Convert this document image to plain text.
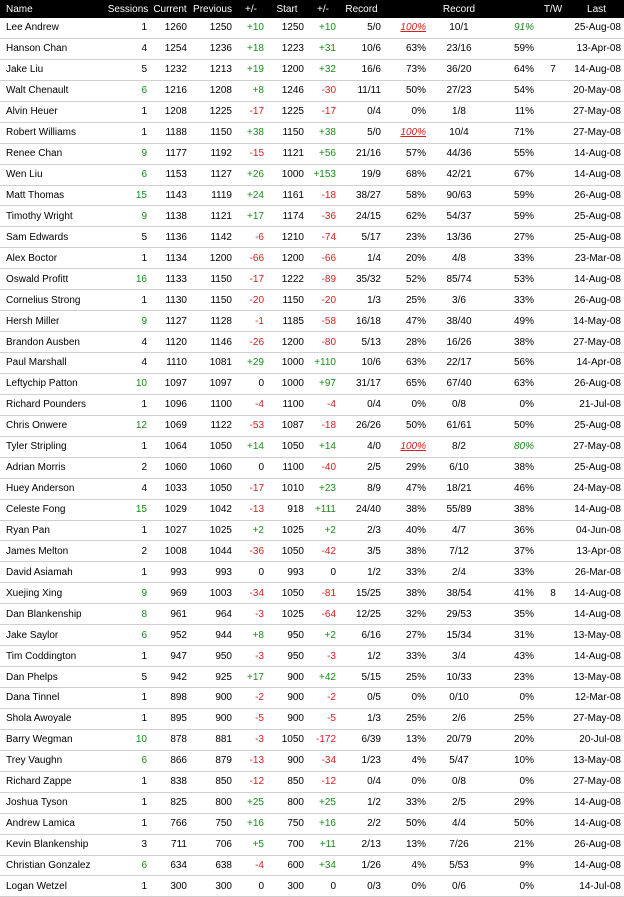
Name	Sessions	Current	Previous	+/-	Start	+/-	Record		Record		T/W	Last
Lee Andrew	1	1260	1250	+10	1250	+10	5/0	100%	10/1	91%		25-Aug-08
Hanson Chan	4	1254	1236	+18	1223	+31	10/6	63%	23/16	59%		13-Apr-08
Jake Liu	5	1232	1213	+19	1200	+32	16/6	73%	36/20	64%	7	14-Aug-08
Walt Chenault	6	1216	1208	+8	1246	-30	11/11	50%	27/23	54%		20-May-08
Alvin Heuer	1	1208	1225	-17	1225	-17	0/4	0%	1/8	11%		27-May-08
Robert Williams	1	1188	1150	+38	1150	+38	5/0	100%	10/4	71%		27-May-08
Renee Chan	9	1177	1192	-15	1121	+56	21/16	57%	44/36	55%		14-Aug-08
Wen Liu	6	1153	1127	+26	1000	+153	19/9	68%	42/21	67%		14-Aug-08
Matt Thomas	15	1143	1119	+24	1161	-18	38/27	58%	90/63	59%		26-Aug-08
Timothy Wright	9	1138	1121	+17	1174	-36	24/15	62%	54/37	59%		25-Aug-08
Sam Edwards	5	1136	1142	-6	1210	-74	5/17	23%	13/36	27%		25-Aug-08
Alex Boctor	1	1134	1200	-66	1200	-66	1/4	20%	4/8	33%		23-Mar-08
Oswald Profitt	16	1133	1150	-17	1222	-89	35/32	52%	85/74	53%		14-Aug-08
Cornelius Strong	1	1130	1150	-20	1150	-20	1/3	25%	3/6	33%		26-Aug-08
Hersh Miller	9	1127	1128	-1	1185	-58	16/18	47%	38/40	49%		14-May-08
Brandon Ausben	4	1120	1146	-26	1200	-80	5/13	28%	16/26	38%		27-May-08
Paul Marshall	4	1110	1081	+29	1000	+110	10/6	63%	22/17	56%		14-Apr-08
Leftychip Patton	10	1097	1097	0	1000	+97	31/17	65%	67/40	63%		26-Aug-08
Richard Pounders	1	1096	1100	-4	1100	-4	0/4	0%	0/8	0%		21-Jul-08
Chris Onwere	12	1069	1122	-53	1087	-18	26/26	50%	61/61	50%		25-Aug-08
Tyler Stripling	1	1064	1050	+14	1050	+14	4/0	100%	8/2	80%		27-May-08
Adrian Morris	2	1060	1060	0	1100	-40	2/5	29%	6/10	38%		25-Aug-08
Huey Anderson	4	1033	1050	-17	1010	+23	8/9	47%	18/21	46%		24-May-08
Celeste Fong	15	1029	1042	-13	918	+111	24/40	38%	55/89	38%		14-Aug-08
Ryan Pan	1	1027	1025	+2	1025	+2	2/3	40%	4/7	36%		04-Jun-08
James Melton	2	1008	1044	-36	1050	-42	3/5	38%	7/12	37%		13-Apr-08
David Asiamah	1	993	993	0	993	0	1/2	33%	2/4	33%		26-Mar-08
Xuejing Xing	9	969	1003	-34	1050	-81	15/25	38%	38/54	41%	8	14-Aug-08
Dan Blankenship	8	961	964	-3	1025	-64	12/25	32%	29/53	35%		14-Aug-08
Jake Saylor	6	952	944	+8	950	+2	6/16	27%	15/34	31%		13-May-08
Tim Coddington	1	947	950	-3	950	-3	1/2	33%	3/4	43%		14-Aug-08
Dan Phelps	5	942	925	+17	900	+42	5/15	25%	10/33	23%		13-May-08
Dana Tinnel	1	898	900	-2	900	-2	0/5	0%	0/10	0%		12-Mar-08
Shola Awoyale	1	895	900	-5	900	-5	1/3	25%	2/6	25%		27-May-08
Barry Wegman	10	878	881	-3	1050	-172	6/39	13%	20/79	20%		20-Jul-08
Trey Vaughn	6	866	879	-13	900	-34	1/23	4%	5/47	10%		13-May-08
Richard Zappe	1	838	850	-12	850	-12	0/4	0%	0/8	0%		27-May-08
Joshua Tyson	1	825	800	+25	800	+25	1/2	33%	2/5	29%		14-Aug-08
Andrew Lamica	1	766	750	+16	750	+16	2/2	50%	4/4	50%		14-Aug-08
Kevin Blankenship	3	711	706	+5	700	+11	2/13	13%	7/26	21%		26-Aug-08
Christian Gonzalez	6	634	638	-4	600	+34	1/26	4%	5/53	9%		14-Aug-08
Logan Wetzel	1	300	300	0	300	0	0/3	0%	0/6	0%		14-Jul-08
